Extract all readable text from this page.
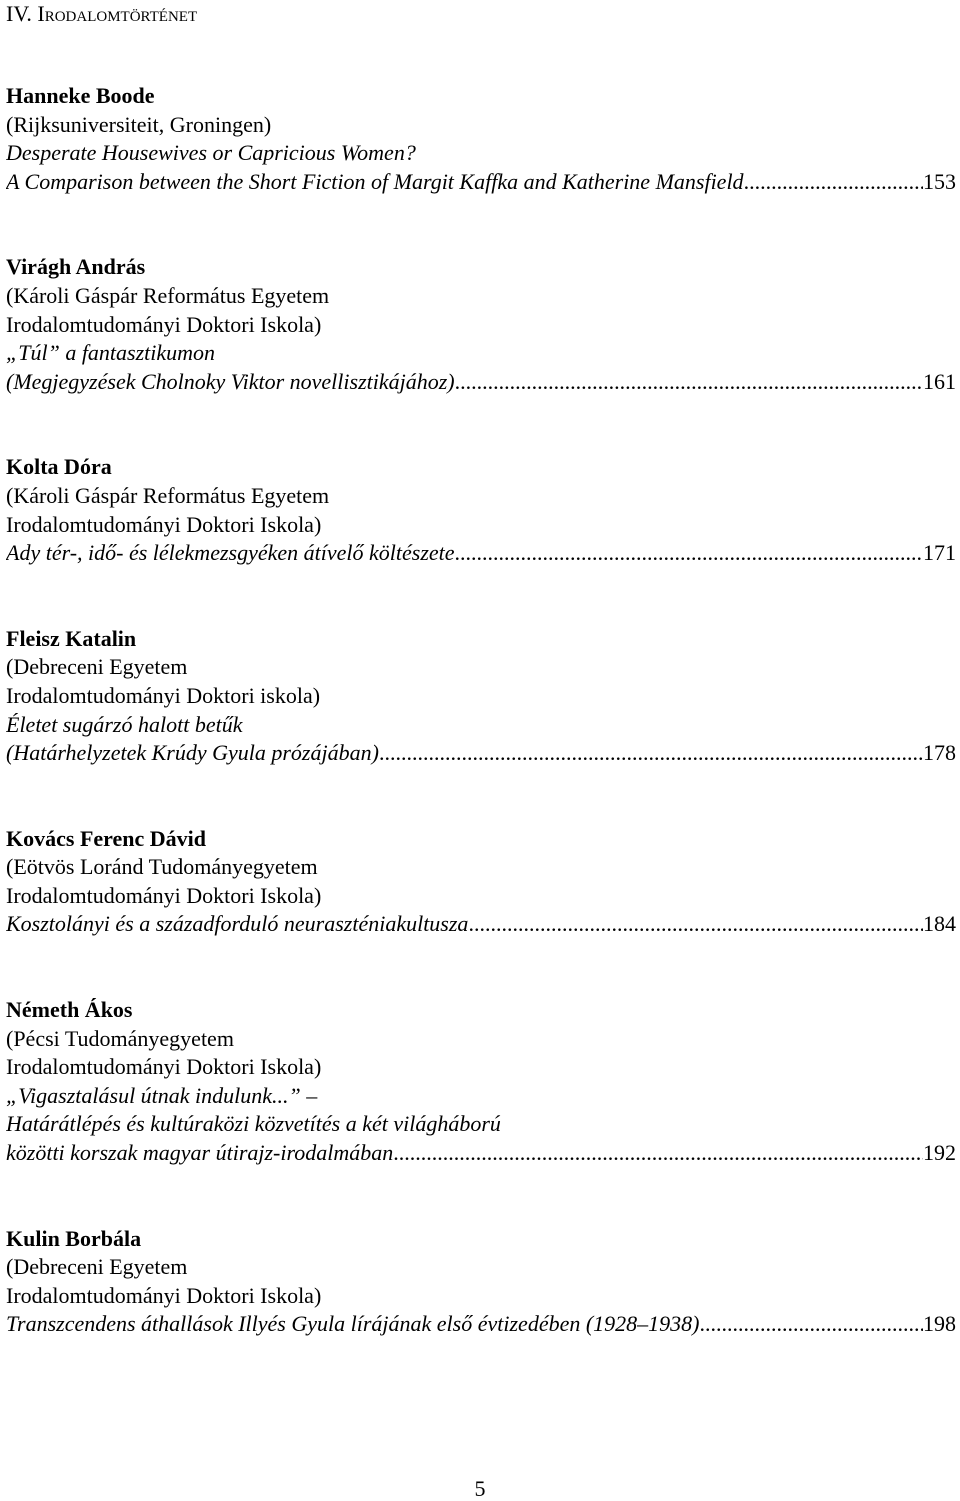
IV. Irodalomtörténet
Hanneke Boode
(Rijksuniversiteit, Groningen)
Desperate Housewives or Capricious Women?
A Comparison between the Short Fiction of Margit Kaffka and Katherine Mansfield .....	153
Virágh András
(Károli Gáspár Református Egyetem
Irodalomtudományi Doktori Iskola)
„Túl” a fantasztikumon
(Megjegyzések Cholnoky Viktor novellisztikájához) .....	161
Kolta Dóra
(Károli Gáspár Református Egyetem
Irodalomtudományi Doktori Iskola)
Ady tér-, idő- és lélekmezsgyéken átívelő költészete .....	171
Fleisz Katalin
(Debreceni Egyetem
Irodalomtudományi Doktori iskola)
Életet sugárzó halott betűk
(Határhelyzetek Krúdy Gyula prózájában) .....	178
Kovács Ferenc Dávid
(Eötvös Loránd Tudományegyetem
Irodalomtudományi Doktori Iskola)
Kosztolányi és a századforduló neuraszténiakultusza .....	184
Németh Ákos
(Pécsi Tudományegyetem
Irodalomtudományi Doktori Iskola)
„Vigasztalásul útnak indulunk...” –
Határátlépés és kultúraközi közvetítés a két világháború
közötti korszak magyar útirajz-irodalmában .....	192
Kulin Borbála
(Debreceni Egyetem
Irodalomtudományi Doktori Iskola)
Transzcendens áthallások Illyés Gyula lírájának első évtizedében (1928–1938) .....	198
5
